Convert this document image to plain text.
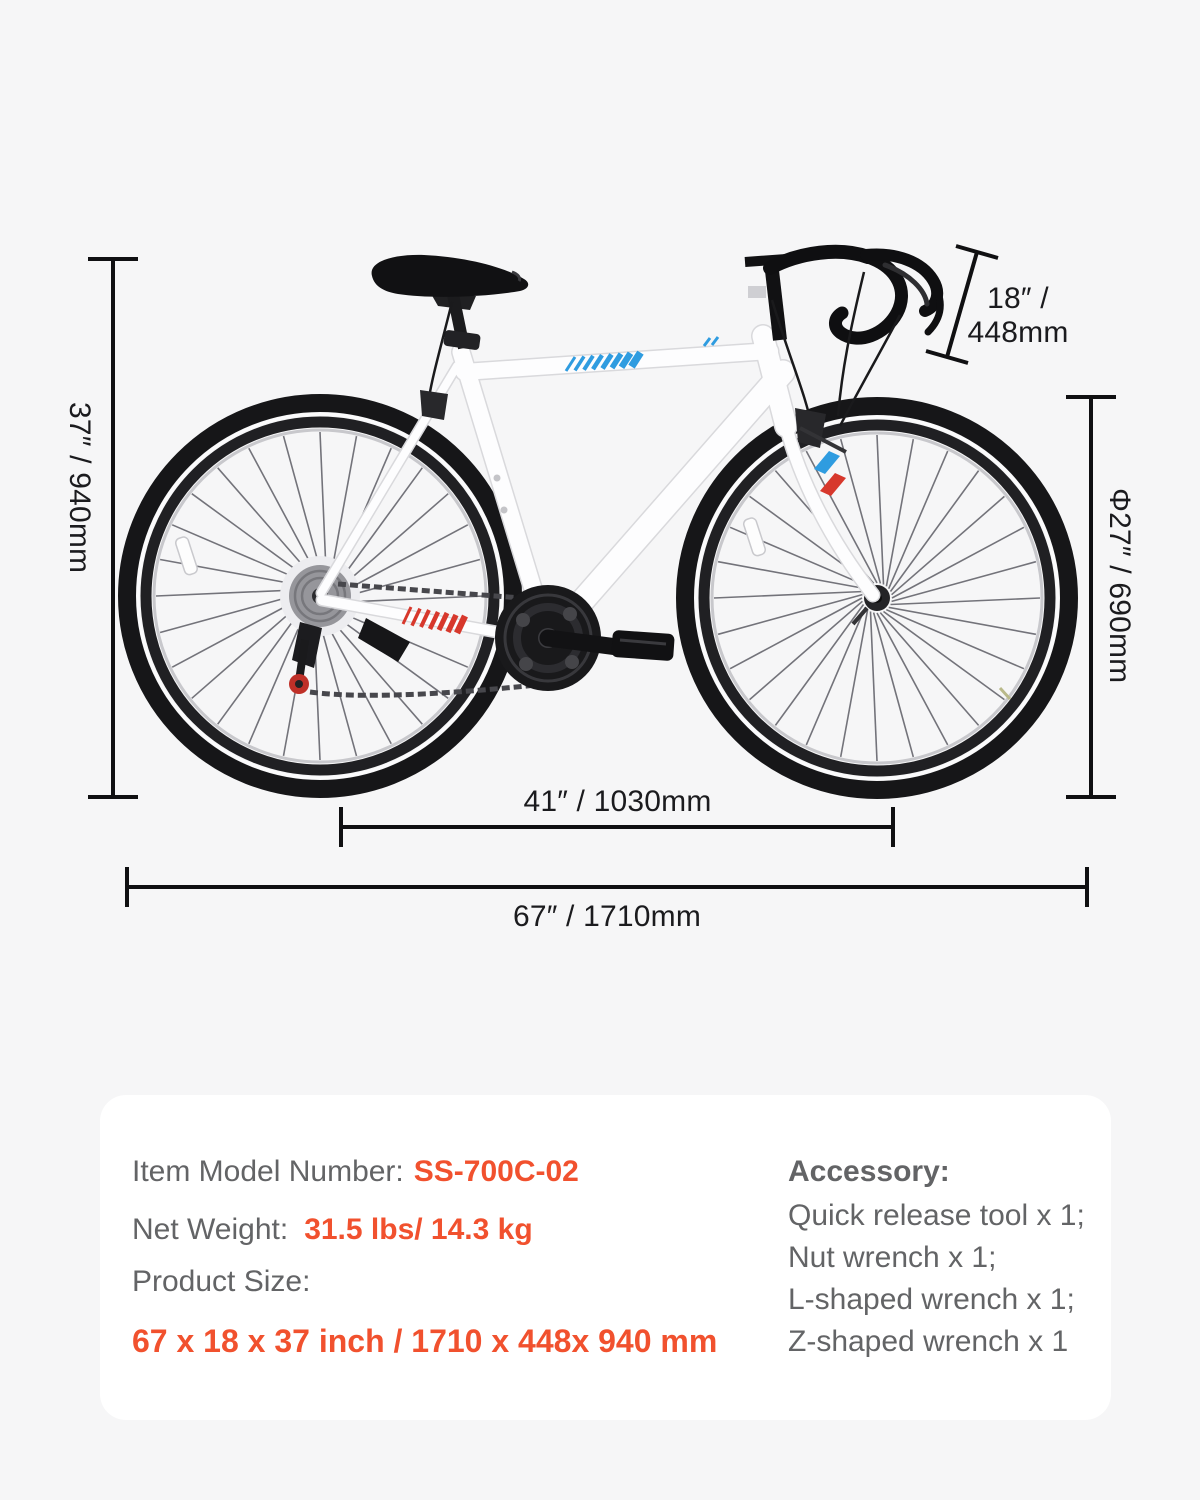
37″ / 940mm
Φ27″ / 690mm
18″ /
448mm
41″ / 1030mm
67″ / 1710mm
Item Model Number: SS-700C-02
Net Weight: 31.5 lbs/ 14.3 kg
Product Size:
67 x 18 x 37 inch / 1710 x 448x 940 mm
Accessory:
Quick release tool x 1;
Nut wrench x 1;
L-shaped wrench x 1;
Z-shaped wrench x 1
